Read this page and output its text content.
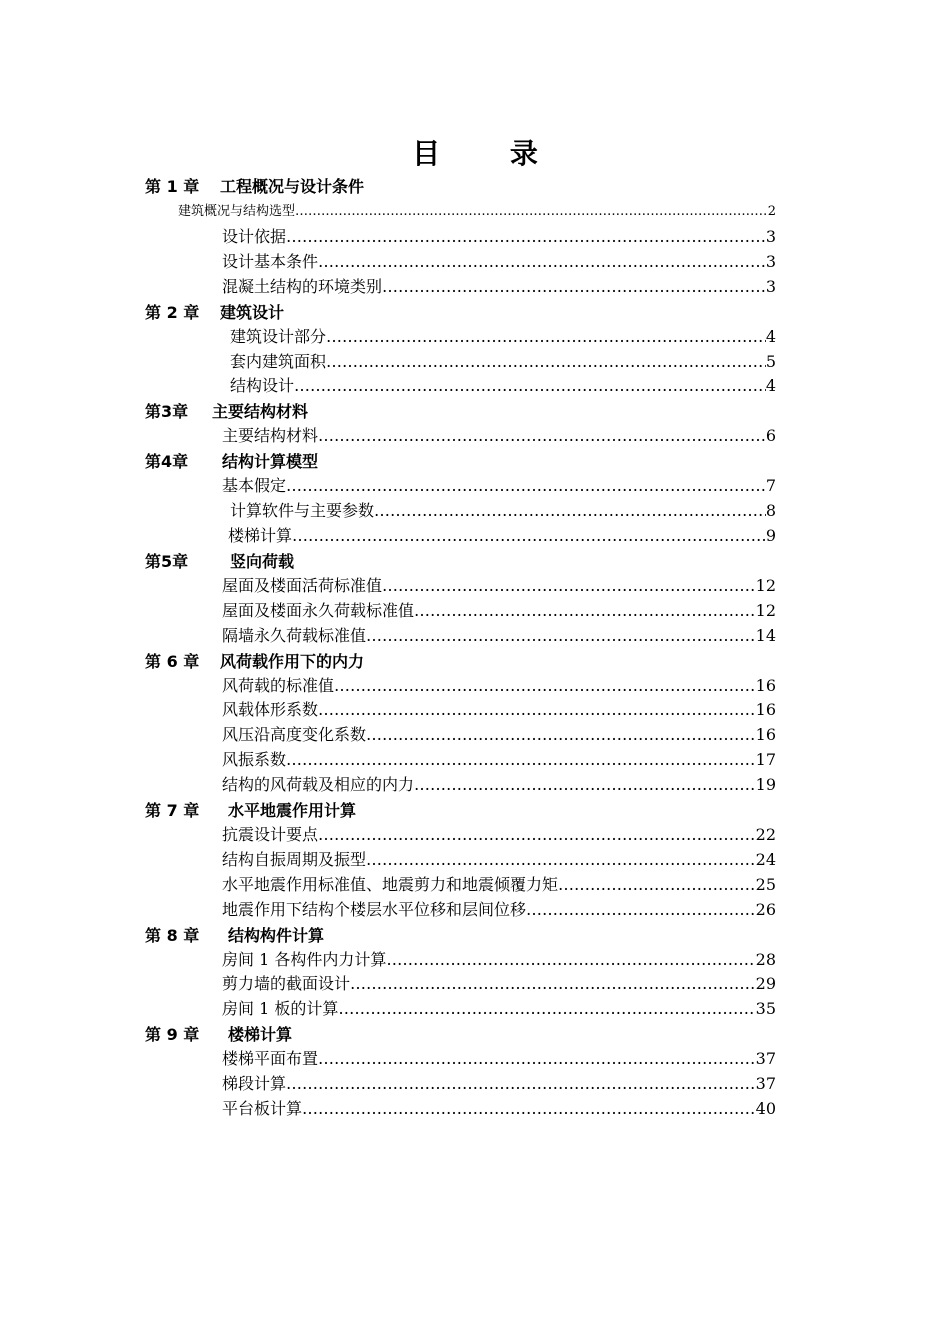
目 录
第 1 章 工程概况与设计条件
建筑概况与结构选型 …………………………………………………………………………………………………………………………………………	2
设计依据 …………………………………………………………………………………………………………………………………………	3
设计基本条件 …………………………………………………………………………………………………………………………………………	3
混凝土结构的环境类别 …………………………………………………………………………………………………………………………………………	3
第 2 章 建筑设计
建筑设计部分 …………………………………………………………………………………………………………………………………………	4
套内建筑面积 …………………………………………………………………………………………………………………………………………	5
结构设计 …………………………………………………………………………………………………………………………………………	4
第3章 主要结构材料
主要结构材料 …………………………………………………………………………………………………………………………………………	6
第4章 结构计算模型
基本假定 …………………………………………………………………………………………………………………………………………	7
计算软件与主要参数 …………………………………………………………………………………………………………………………………………	8
楼梯计算 …………………………………………………………………………………………………………………………………………	9
第5章	竖向荷载
屋面及楼面活荷标准值 …………………………………………………………………………………………………………………………………………	12
屋面及楼面永久荷载标准值 …………………………………………………………………………………………………………………………………………	12
隔墙永久荷载标准值 …………………………………………………………………………………………………………………………………………	14
第 6 章 风荷载作用下的内力
风荷载的标准值 …………………………………………………………………………………………………………………………………………	16
风载体形系数 …………………………………………………………………………………………………………………………………………	16
风压沿高度变化系数 …………………………………………………………………………………………………………………………………………	16
风振系数 …………………………………………………………………………………………………………………………………………	17
结构的风荷载及相应的内力 …………………………………………………………………………………………………………………………………………	19
第 7 章 水平地震作用计算
抗震设计要点 …………………………………………………………………………………………………………………………………………	22
结构自振周期及振型 …………………………………………………………………………………………………………………………………………	24
水平地震作用标准值、地震剪力和地震倾覆力矩 …………………………………………………………………………………………………………………………………………	25
地震作用下结构个楼层水平位移和层间位移 …………………………………………………………………………………………………………………………………………	26
第 8 章 结构构件计算
房间 1 各构件内力计算 …………………………………………………………………………………………………………………………………………	28
剪力墙的截面设计 …………………………………………………………………………………………………………………………………………	29
房间 1 板的计算 …………………………………………………………………………………………………………………………………………	35
第 9 章 楼梯计算
楼梯平面布置 …………………………………………………………………………………………………………………………………………	37
梯段计算 …………………………………………………………………………………………………………………………………………	37
平台板计算 …………………………………………………………………………………………………………………………………………	40
